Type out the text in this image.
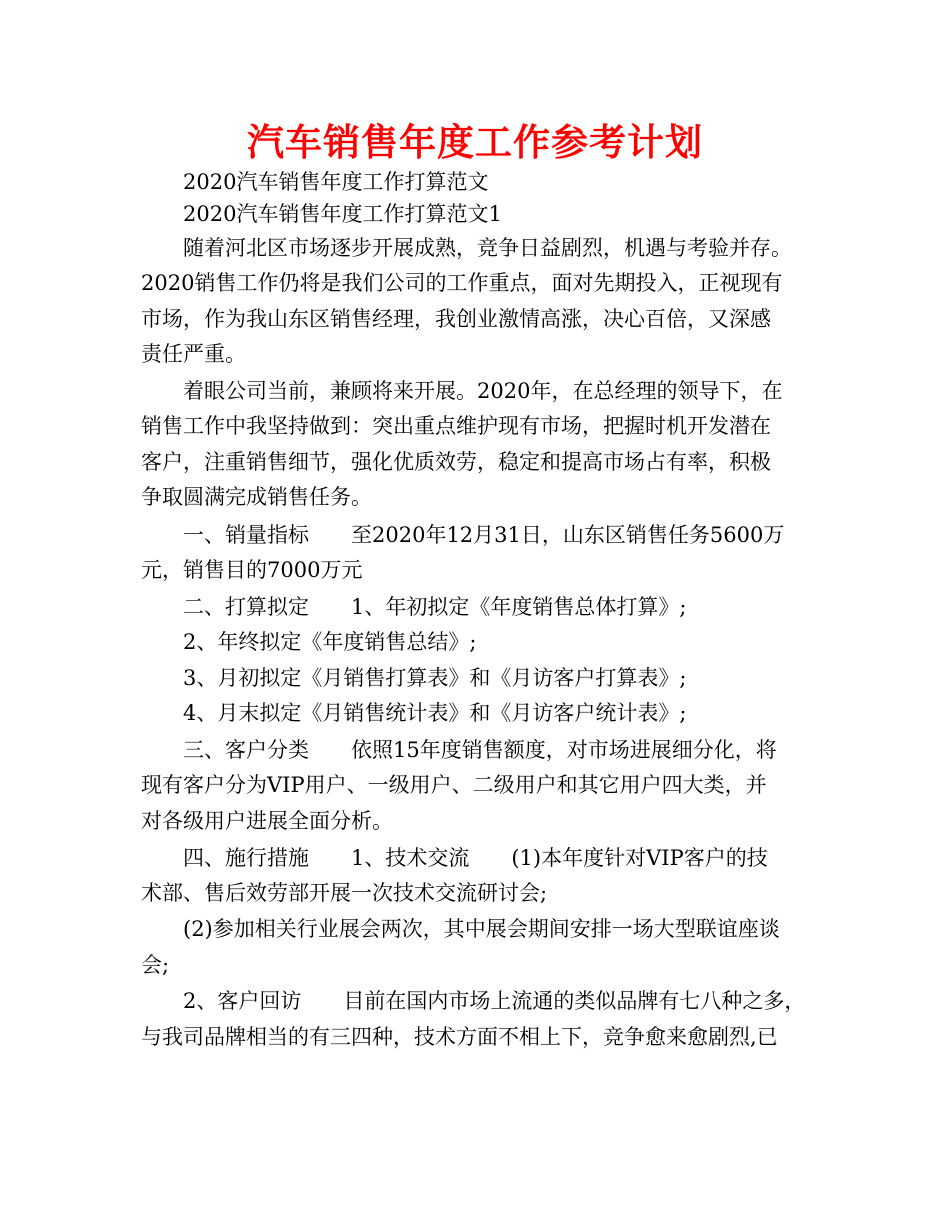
汽车销售年度工作参考计划
2020汽车销售年度工作打算范文
2020汽车销售年度工作打算范文1
随着河北区市场逐步开展成熟，竞争日益剧烈，机遇与考验并存。
2020销售工作仍将是我们公司的工作重点，面对先期投入，正视现有
市场，作为我山东区销售经理，我创业激情高涨，决心百倍，又深感
责任严重。
着眼公司当前，兼顾将来开展。2020年，在总经理的领导下，在
销售工作中我坚持做到：突出重点维护现有市场，把握时机开发潜在
客户，注重销售细节，强化优质效劳，稳定和提高市场占有率，积极
争取圆满完成销售任务。
一、销量指标　　至2020年12月31日，山东区销售任务5600万
元，销售目的7000万元
二、打算拟定　　1、年初拟定《年度销售总体打算》;
2、年终拟定《年度销售总结》;
3、月初拟定《月销售打算表》和《月访客户打算表》;
4、月末拟定《月销售统计表》和《月访客户统计表》;
三、客户分类　　依照15年度销售额度，对市场进展细分化，将
现有客户分为VIP用户、一级用户、二级用户和其它用户四大类，并
对各级用户进展全面分析。
四、施行措施　　1、技术交流　　(1)本年度针对VIP客户的技
术部、售后效劳部开展一次技术交流研讨会;
(2)参加相关行业展会两次，其中展会期间安排一场大型联谊座谈
会;
2、客户回访　　目前在国内市场上流通的类似品牌有七八种之多，
与我司品牌相当的有三四种，技术方面不相上下，竞争愈来愈剧烈,已
